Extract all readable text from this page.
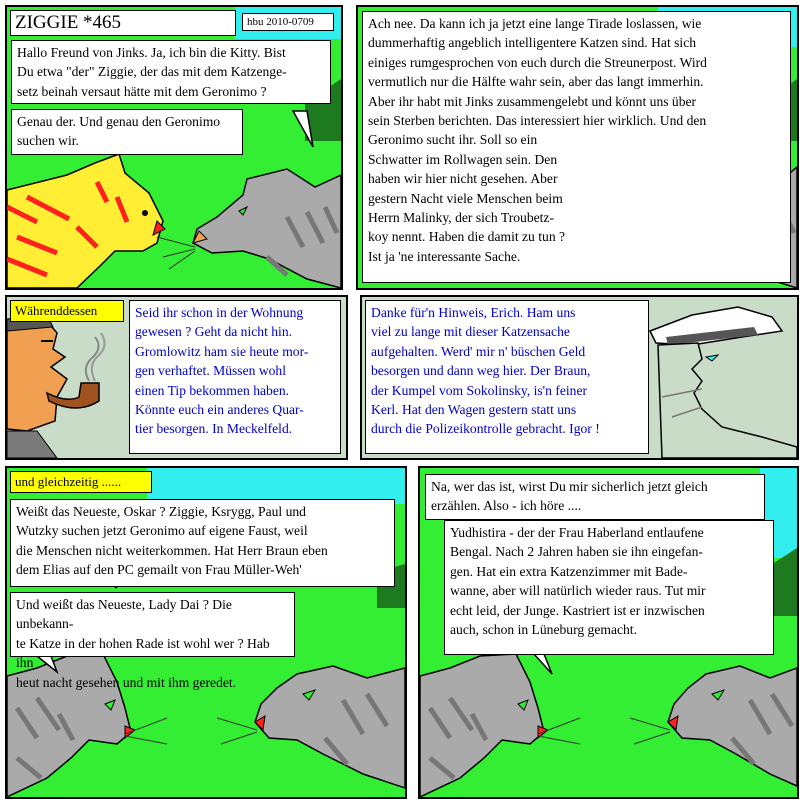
ZIGGIE *465	hbu 2010-0709
Hallo Freund von Jinks. Ja, ich bin die Kitty. Bist
Du etwa "der" Ziggie, der das mit dem Katzenge-
setz beinah versaut hätte mit dem Geronimo ?
Genau der. Und genau den Geronimo
suchen wir.
Ach nee. Da kann ich ja jetzt eine lange Tirade loslassen, wie
dummerhaftig angeblich intelligentere Katzen sind. Hat sich
einiges rumgesprochen von euch durch die Streunerpost. Wird
vermutlich nur die Hälfte wahr sein, aber das langt immerhin.
Aber ihr habt mit Jinks zusammengelebt und könnt uns über
sein Sterben berichten. Das interessiert hier wirklich. Und den
Geronimo sucht ihr. Soll so ein
Schwatter im Rollwagen sein. Den
haben wir hier nicht gesehen. Aber
gestern Nacht viele Menschen beim
Herrn Malinky, der sich Troubetz-
koy nennt. Haben die damit zu tun ?
Ist ja 'ne interessante Sache.
Währenddessen	Seid ihr schon in der Wohnung
gewesen ? Geht da nicht hin.
Gromlowitz ham sie heute mor-
gen verhaftet. Müssen wohl
einen Tip bekommen haben.
Könnte euch ein anderes Quar-
tier besorgen. In Meckelfeld.
Danke für'n Hinweis, Erich. Ham uns
viel zu lange mit dieser Katzensache
aufgehalten. Werd' mir n' büschen Geld
besorgen und dann weg hier. Der Braun,
der Kumpel vom Sokolinsky, is'n feiner
Kerl. Hat den Wagen gestern statt uns
durch die Polizeikontrolle gebracht. Igor !
und gleichzeitig ......
Weißt das Neueste, Oskar ? Ziggie, Ksrygg, Paul und
Wutzky suchen jetzt Geronimo auf eigene Faust, weil
die Menschen nicht weiterkommen. Hat Herr Braun eben
dem Elias auf den PC gemailt von Frau Müller-Weh'
Und weißt das Neueste, Lady Dai ? Die unbekann-
te Katze in der hohen Rade ist wohl wer ? Hab ihn
heut nacht gesehen und mit ihm geredet.
Na, wer das ist, wirst Du mir sicherlich jetzt gleich
erzählen. Also - ich höre ....
Yudhistira - der der Frau Haberland entlaufene
Bengal. Nach 2 Jahren haben sie ihn eingefan-
gen. Hat ein extra Katzenzimmer mit Bade-
wanne, aber will natürlich wieder raus. Tut mir
echt leid, der Junge. Kastriert ist er inzwischen
auch, schon in Lüneburg gemacht.
